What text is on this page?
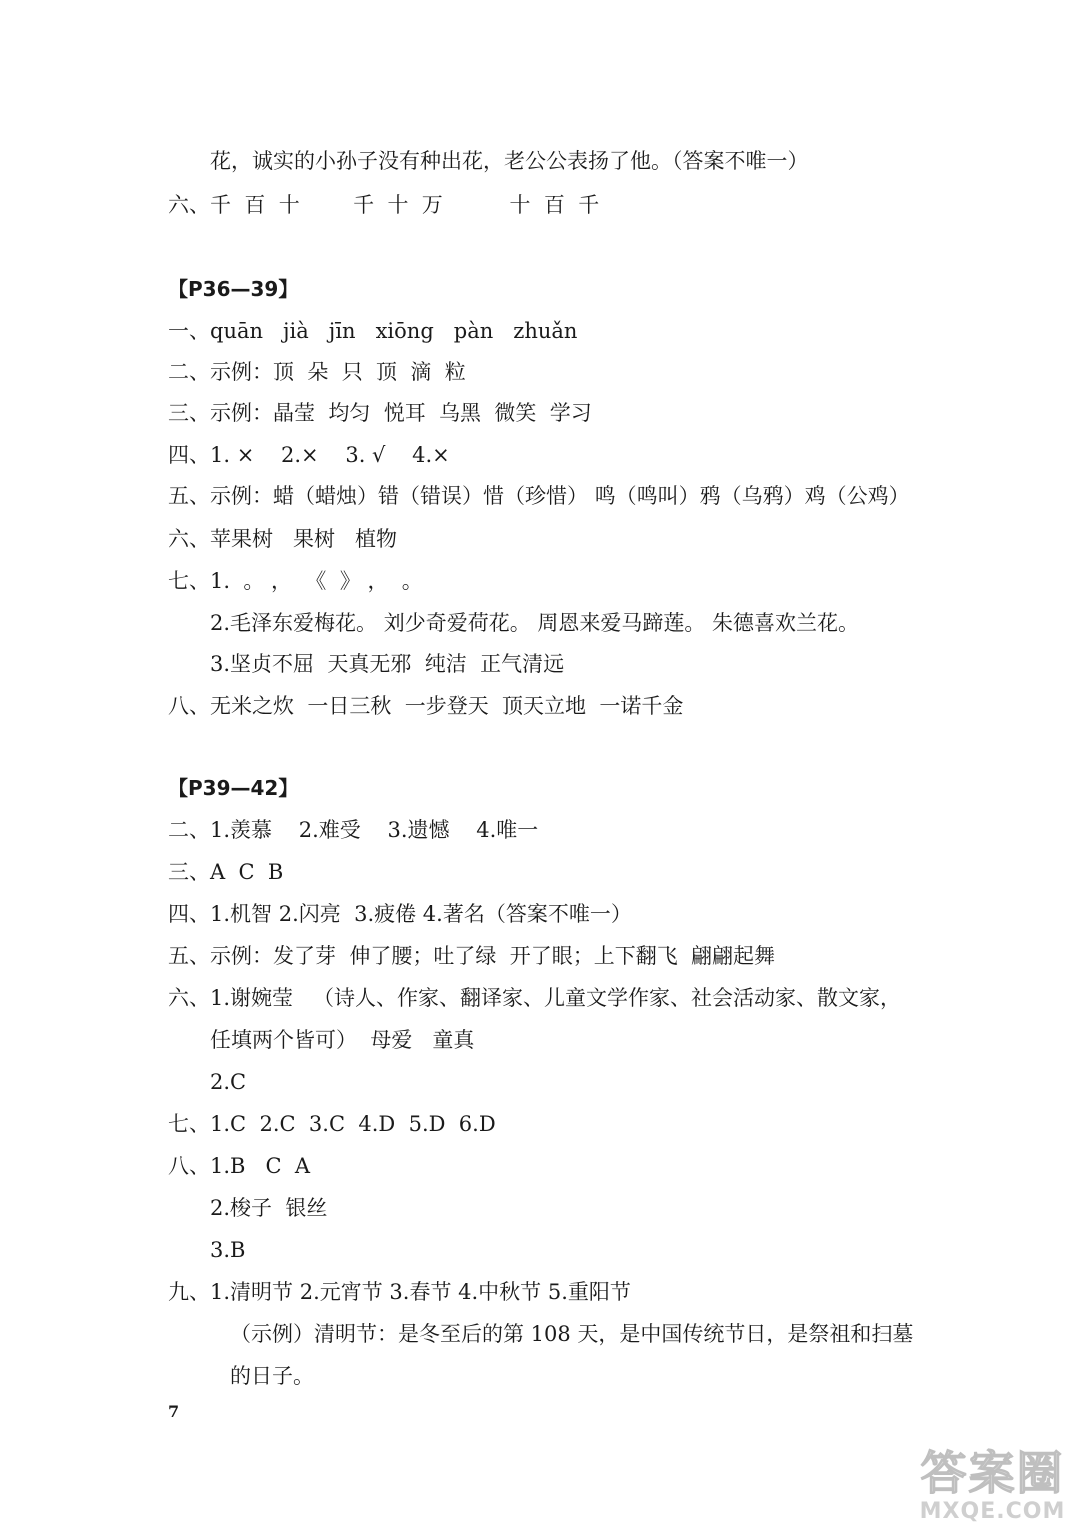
花，诚实的小孙子没有种出花，老公公表扬了他。（答案不唯一）
六、千  百  十        千  十  万          十  百  千
【P36—39】
一、quān   jià   jīn   xiōng   pàn   zhuǎn
二、示例：顶  朵  只  顶  滴  粒
三、示例：晶莹  均匀  悦耳  乌黑  微笑  学习
四、1. ×    2.×    3. √    4.×
五、示例：蜡（蜡烛）错（错误）惜（珍惜） 鸣（鸣叫）鸦（乌鸦）鸡（公鸡）
六、苹果树   果树   植物
七、1.  。 ，  《  》 ，  。
2.毛泽东爱梅花。 刘少奇爱荷花。 周恩来爱马蹄莲。 朱德喜欢兰花。
3.坚贞不屈  天真无邪  纯洁  正气清远
八、无米之炊  一日三秋  一步登天  顶天立地  一诺千金
【P39—42】
二、1.羡慕    2.难受    3.遗憾    4.唯一
三、A  C  B
四、1.机智 2.闪亮  3.疲倦 4.著名（答案不唯一）
五、示例：发了芽  伸了腰；吐了绿  开了眼；上下翻飞  翩翩起舞
六、1.谢婉莹   （诗人、作家、翻译家、儿童文学作家、社会活动家、散文家，
任填两个皆可）  母爱   童真
2.C
七、1.C  2.C  3.C  4.D  5.D  6.D
八、1.B   C  A
2.梭子  银丝
3.B
九、1.清明节 2.元宵节 3.春节 4.中秋节 5.重阳节
（示例）清明节：是冬至后的第 108 天，是中国传统节日，是祭祖和扫墓
的日子。
7
答案圈
MXQE.COM
